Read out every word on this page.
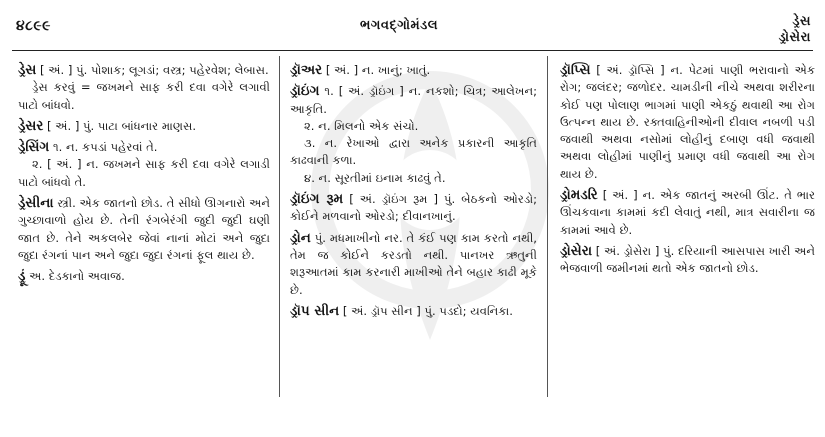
૪૮૯૯	ભગવદ્ગોમંડલ	ડ્રેસ
ડ્રોસેરા
ડ્રેસ [ અં. ] પું. પોશાક; લૂગડાં; વસ્ત્ર; પહેરવેશ; લેબાસ.
ડ્રેસ કરવું = જખમને સાફ કરી દવા વગેરે લગાવી પાટો બાંધવો.
ડ્રેસર [ અં. ] પું. પાટા બાંધનાર માણસ.
ડ્રેસિંગ ૧. ન. કપડાં પહેરવાં તે.
૨. [ અં. ] ન. જખમને સાફ કરી દવા વગેરે લગાડી પાટો બાંધવો તે.
ડ્રેસીના સ્ત્રી. એક જાતનો છોડ. તે સીધો ઊગનારો અને ગુચ્છાવાળો હોય છે. તેની રંગબેરંગી જુદી જુદી ઘણી જાત છે. તેને અકલબેર જેવાં નાનાં મોટાં અને જુદા જુદા રંગનાં પાન અને જુદા જુદા રંગનાં ફૂલ થાય છે.
ડ્રૂં અ. દેડકાનો અવાજ.
ડ્રૉઅર [ અં. ] ન. ખાનું; ખાતું.
ડ્રૉઇંગ ૧. [ અં. ડ્રૉઇંગ ] ન. નકશો; ચિત્ર; આલેખન; આકૃતિ.
૨. ન. મિલનો એક સંચો.
૩. ન. રેખાઓ દ્વારા અનેક પ્રકારની આકૃતિ કાઢવાની કળા.
૪. ન. સૂરતીમાં ઇનામ કાઢવું તે.
ડ્રૉઇંગ રૂમ [ અં. ડ્રૉઇંગ રૂમ ] પું. બેઠકનો ઓરડો; કોઈને મળવાનો ઓરડો; દીવાનખાનું.
ડ્રોન પું. મધમાખીનો નર. તે કંઈ પણ કામ કરતો નથી, તેમ જ કોઈને કરડતો નથી. પાનખર ઋતુની શરૂઆતમાં કામ કરનારી માખીઓ તેને બહાર કાઢી મૂકે છે.
ડ્રૉપ સીન [ અં. ડ્રૉપ સીન ] પું. પડદો; યવનિકા.
ડ્રૉપ્સિ [ અં. ડ્રૉપ્સિ ] ન. પેટમાં પાણી ભરાવાનો એક રોગ; જલંદર; જળોદર. ચામડીની નીચે અથવા શરીરના કોઈ પણ પોલાણ ભાગમાં પાણી એકઠું થવાથી આ રોગ ઉત્પન્ન થાય છે. રક્તવાહિનીઓની દીવાલ નબળી પડી જવાથી અથવા નસોમાં લોહીનું દબાણ વધી જવાથી અથવા લોહીમાં પાણીનું પ્રમાણ વધી જવાથી આ રોગ થાય છે.
ડ્રોમડરિ [ અં. ] ન. એક જાતનું અરબી ઊંટ. તે ભાર ઊંચકવાના કામમાં કદી લેવાતું નથી, માત્ર સવારીના જ કામમાં આવે છે.
ડ્રોસેરા [ અં. ડ્રોસેરા ] પું. દરિયાની આસપાસ ખારી અને ભેજવાળી જમીનમાં થતો એક જાતનો છોડ.
